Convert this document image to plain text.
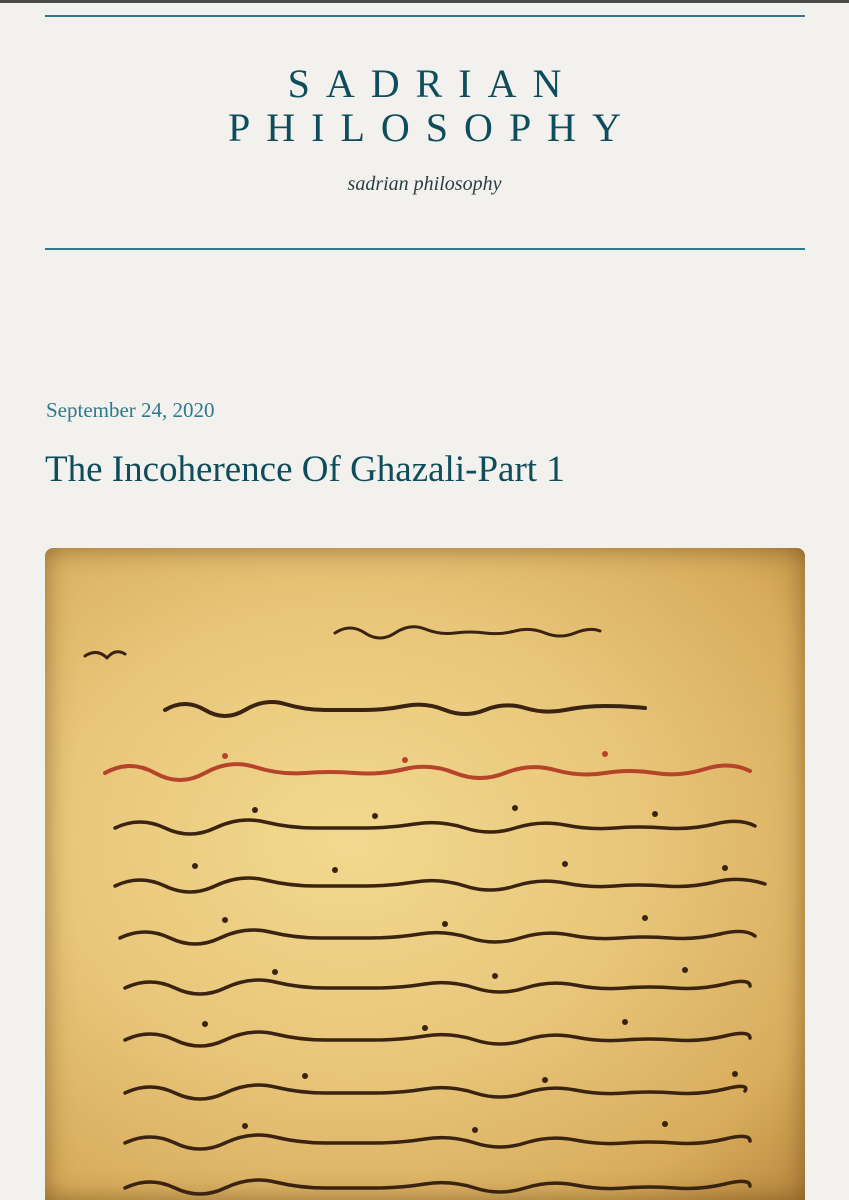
SADRIAN
PHILOSOPHY
sadrian philosophy
September 24, 2020
The Incoherence Of Ghazali-Part 1
